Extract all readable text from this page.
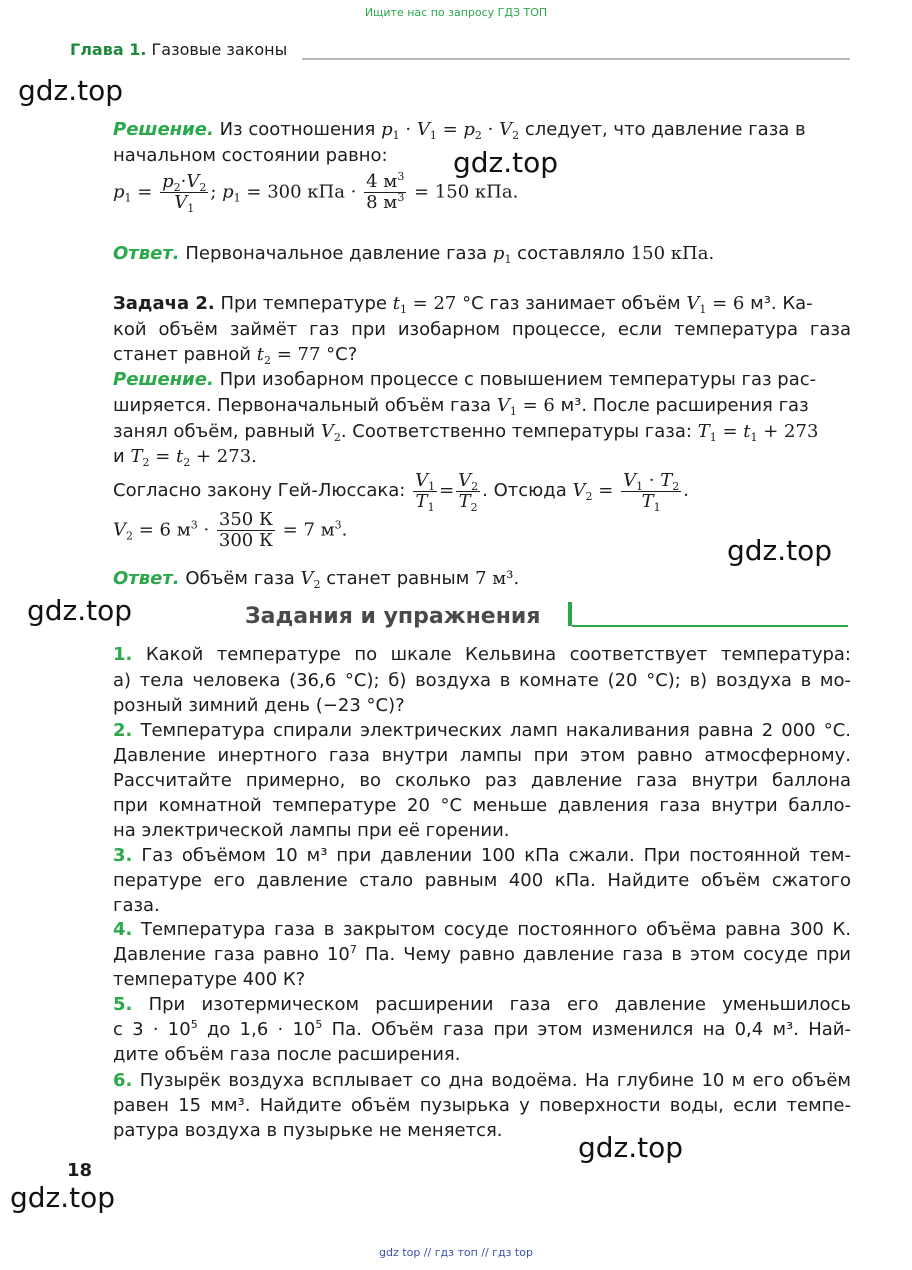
Ищите нас по запросу ГДЗ ТОП
Глава 1. Газовые законы
gdz.top
gdz.top
gdz.top
gdz.top
gdz.top
gdz.top
Решение. Из соотношения $p_1 \cdot V_1 = p_2 \cdot V_2$ следует, что давление газа в
начальном состоянии равно:
$p_1 = \frac{p_2\cdot V_2}{V_1}$ ; $p_1 = 300$ кПа · $\frac{4 м^3}{8 м^3} = 150$ кПа.
Ответ. Первоначальное давление газа $p_1$ составляло 150 кПа.
Задача 2. При температуре $t_1 = 27$ °C газ занимает объём $V_1 = 6$ м³. Ка-
кой объём займёт газ при изобарном процессе, если температура газа
станет равной $t_2 = 77$ °C?
Решение. При изобарном процессе с повышением температуры газ рас-
ширяется. Первоначальный объём газа $V_1 = 6$ м³. После расширения газ
занял объём, равный $V_2$. Соответственно температуры газа: $T_1 = t_1 + 273$
и $T_2 = t_2 + 273$.
Согласно закону Гей-Люссака: $\frac{V_1}{T_1} = \frac{V_2}{T_2}$ . Отсюда $V_2 = \frac{V_1 \cdot T_2}{T_1}$ .
$V_2 = 6$ $м^3 \cdot \frac{350 К}{300 К} = 7$ $м^3$.
Ответ. Объём газа $V_2$ станет равным 7 м³.
Задания и упражнения
1. Какой температуре по шкале Кельвина соответствует температура:
а) тела человека (36,6 °C); б) воздуха в комнате (20 °C); в) воздуха в мо-
розный зимний день (−23 °C)?
2. Температура спирали электрических ламп накаливания равна 2 000 °C.
Давление инертного газа внутри лампы при этом равно атмосферному.
Рассчитайте примерно, во сколько раз давление газа внутри баллона
при комнатной температуре 20 °C меньше давления газа внутри балло-
на электрической лампы при её горении.
3. Газ объёмом 10 м³ при давлении 100 кПа сжали. При постоянной тем-
пературе его давление стало равным 400 кПа. Найдите объём сжатого
газа.
4. Температура газа в закрытом сосуде постоянного объёма равна 300 К.
Давление газа равно $10^7$ Па. Чему равно давление газа в этом сосуде при
температуре 400 К?
5. При изотермическом расширении газа его давление уменьшилось
с $3 \cdot 10^5$ до $1,6 \cdot 10^5$ Па. Объём газа при этом изменился на 0,4 м³. Най-
дите объём газа после расширения.
6. Пузырёк воздуха всплывает со дна водоёма. На глубине 10 м его объём
равен 15 мм³. Найдите объём пузырька у поверхности воды, если темпе-
ратура воздуха в пузырьке не меняется.
18
gdz top // гдз топ // гдз top
